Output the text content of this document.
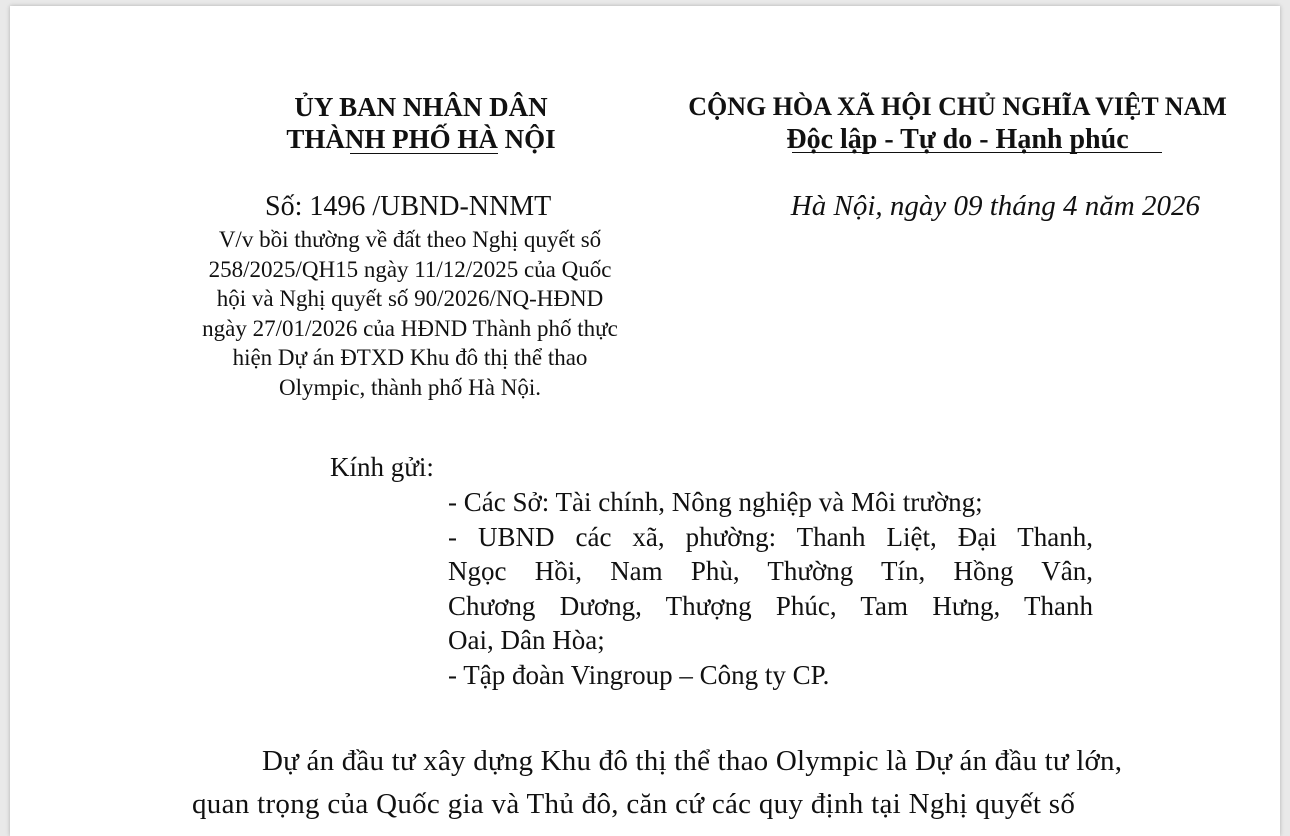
ỦY BAN NHÂN DÂN
THÀNH PHỐ HÀ NỘI
CỘNG HÒA XÃ HỘI CHỦ NGHĨA VIỆT NAM
Độc lập - Tự do - Hạnh phúc
Số: 1496 /UBND-NNMT
V/v bồi thường về đất theo Nghị quyết số
258/2025/QH15 ngày 11/12/2025 của Quốc
hội và Nghị quyết số 90/2026/NQ-HĐND
ngày 27/01/2026 của HĐND Thành phố thực
hiện Dự án ĐTXD Khu đô thị thể thao
Olympic, thành phố Hà Nội.
Hà Nội, ngày 09 tháng 4 năm 2026
Kính gửi:
- Các Sở: Tài chính, Nông nghiệp và Môi trường;
- UBND các xã, phường: Thanh Liệt, Đại Thanh,
Ngọc Hồi, Nam Phù, Thường Tín, Hồng Vân,
Chương Dương, Thượng Phúc, Tam Hưng, Thanh
Oai, Dân Hòa;
- Tập đoàn Vingroup – Công ty CP.
Dự án đầu tư xây dựng Khu đô thị thể thao Olympic là Dự án đầu tư lớn,
quan trọng của Quốc gia và Thủ đô, căn cứ các quy định tại Nghị quyết số
